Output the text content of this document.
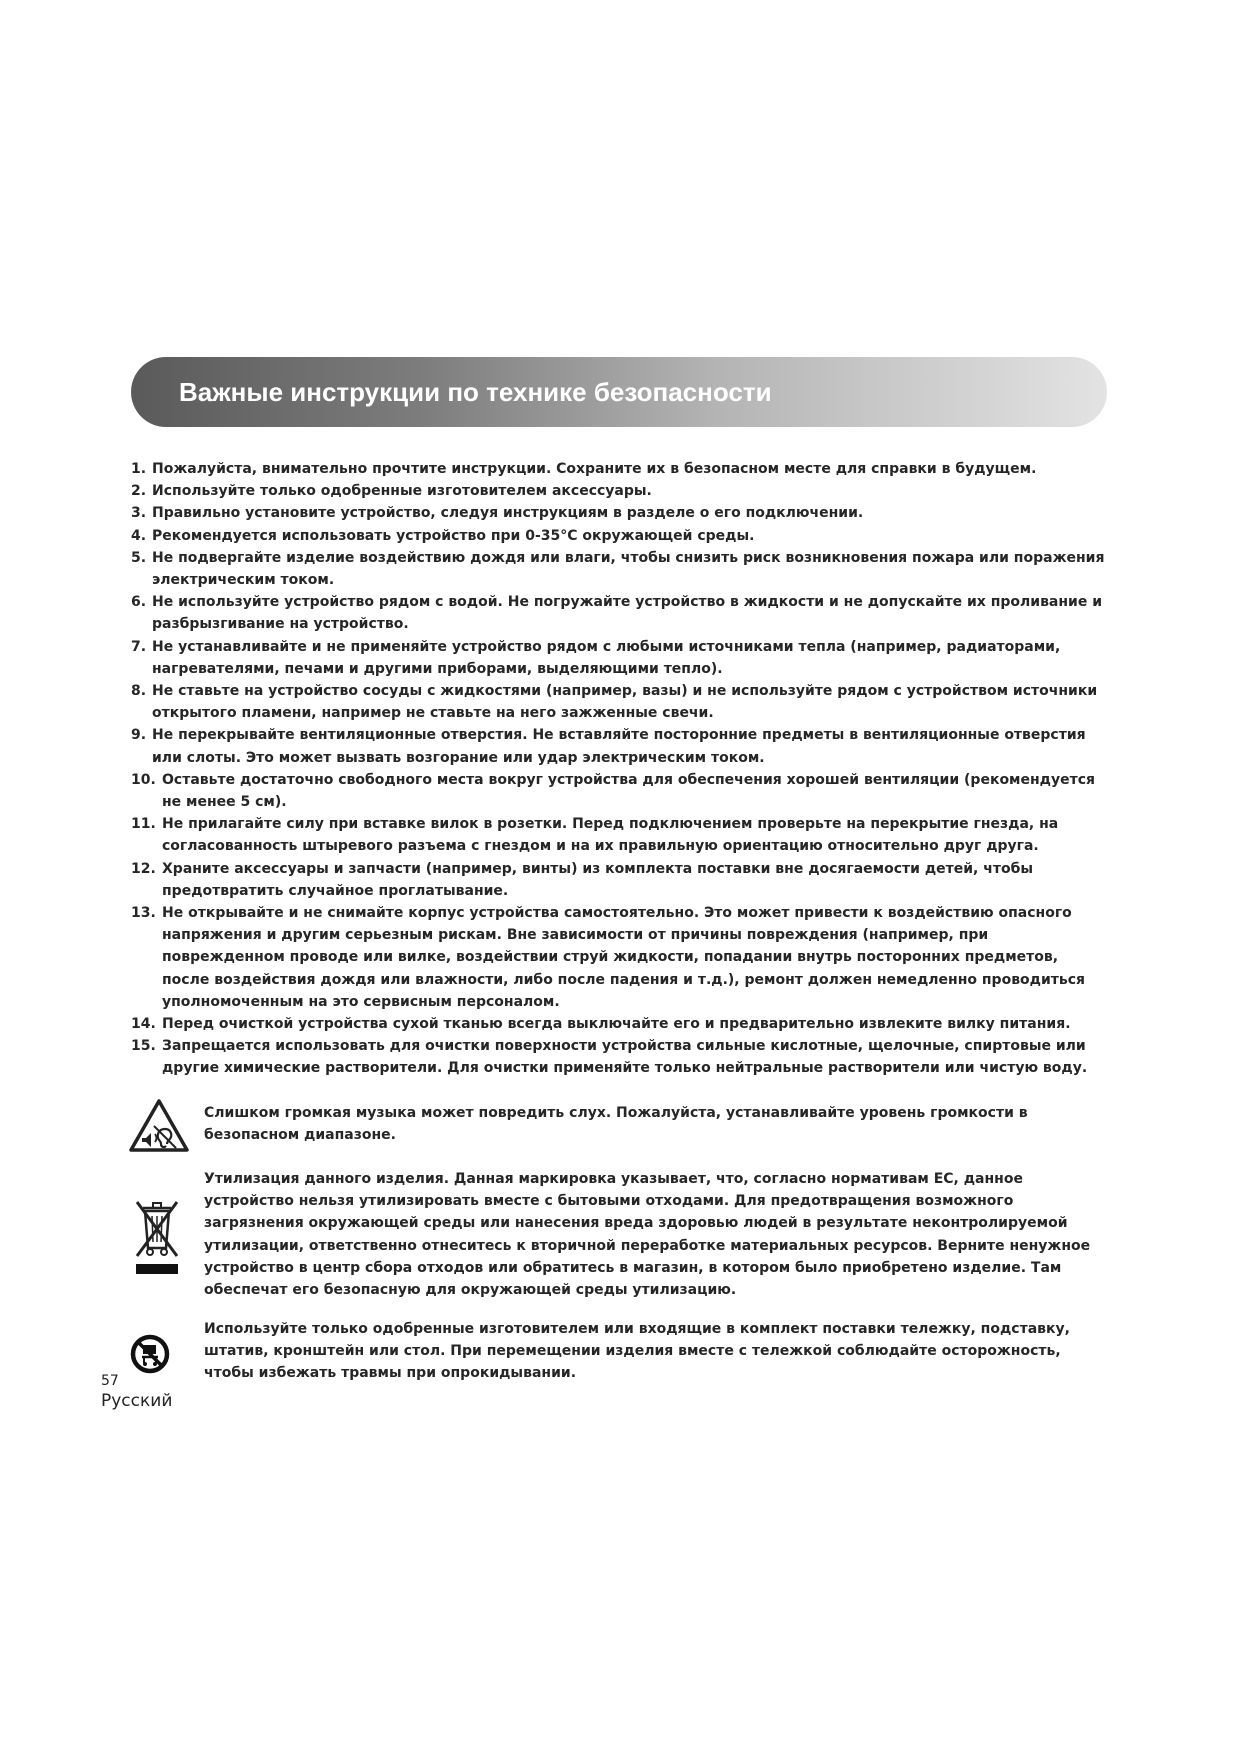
Важные инструкции по технике безопасности
1. Пожалуйста, внимательно прочтите инструкции. Сохраните их в безопасном месте для справки в будущем.
2. Используйте только одобренные изготовителем аксессуары.
3. Правильно установите устройство, следуя инструкциям в разделе о его подключении.
4. Рекомендуется использовать устройство при 0-35°C окружающей среды.
5. Не подвергайте изделие воздействию дождя или влаги, чтобы снизить риск возникновения пожара или поражения электрическим током.
6. Не используйте устройство рядом с водой. Не погружайте устройство в жидкости и не допускайте их проливание и разбрызгивание на устройство.
7. Не устанавливайте и не применяйте устройство рядом с любыми источниками тепла (например, радиаторами, нагревателями, печами и другими приборами, выделяющими тепло).
8. Не ставьте на устройство сосуды с жидкостями (например, вазы) и не используйте рядом с устройством источники открытого пламени, например не ставьте на него зажженные свечи.
9. Не перекрывайте вентиляционные отверстия. Не вставляйте посторонние предметы в вентиляционные отверстия или слоты. Это может вызвать возгорание или удар электрическим током.
10. Оставьте достаточно свободного места вокруг устройства для обеспечения хорошей вентиляции (рекомендуется не менее 5 см).
11. Не прилагайте силу при вставке вилок в розетки. Перед подключением проверьте на перекрытие гнезда, на согласованность штыревого разъема с гнездом и на их правильную ориентацию относительно друг друга.
12. Храните аксессуары и запчасти (например, винты) из комплекта поставки вне досягаемости детей, чтобы предотвратить случайное проглатывание.
13. Не открывайте и не снимайте корпус устройства самостоятельно. Это может привести к воздействию опасного напряжения и другим серьезным рискам. Вне зависимости от причины повреждения (например, при поврежденном проводе или вилке, воздействии струй жидкости, попадании внутрь посторонних предметов, после воздействия дождя или влажности, либо после падения и т.д.), ремонт должен немедленно проводиться уполномоченным на это сервисным персоналом.
14. Перед очисткой устройства сухой тканью всегда выключайте его и предварительно извлеките вилку питания.
15. Запрещается использовать для очистки поверхности устройства сильные кислотные, щелочные, спиртовые или другие химические растворители. Для очистки применяйте только нейтральные растворители или чистую воду.
Слишком громкая музыка может повредить слух. Пожалуйста, устанавливайте уровень громкости в безопасном диапазоне.
Утилизация данного изделия. Данная маркировка указывает, что, согласно нормативам ЕС, данное устройство нельзя утилизировать вместе с бытовыми отходами. Для предотвращения возможного загрязнения окружающей среды или нанесения вреда здоровью людей в результате неконтролируемой утилизации, ответственно отнеситесь к вторичной переработке материальных ресурсов. Верните ненужное устройство в центр сбора отходов или обратитесь в магазин, в котором было приобретено изделие. Там обеспечат его безопасную для окружающей среды утилизацию.
Используйте только одобренные изготовителем или входящие в комплект поставки тележку, подставку, штатив, кронштейн или стол. При перемещении изделия вместе с тележкой соблюдайте осторожность, чтобы избежать травмы при опрокидывании.
57
Русский
